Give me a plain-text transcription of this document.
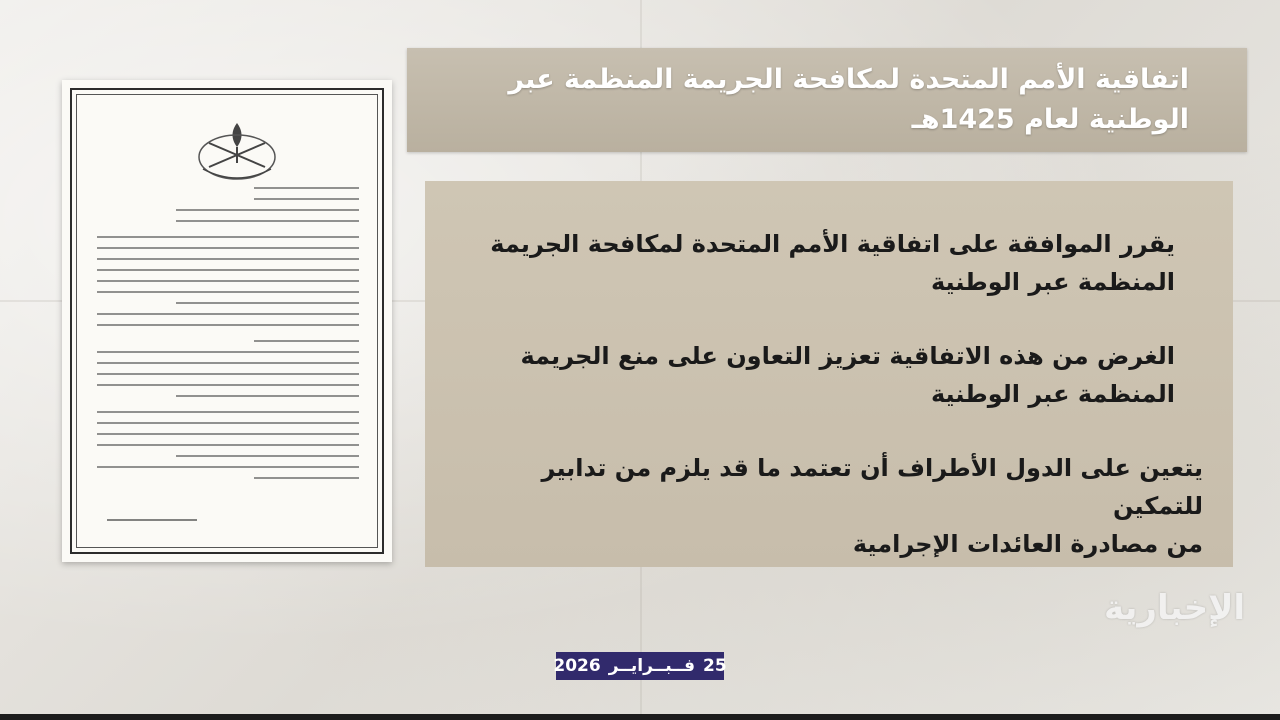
اتفاقية الأمم المتحدة لمكافحة الجريمة المنظمة عبر
الوطنية لعام 1425هـ
يقرر الموافقة على اتفاقية الأمم المتحدة لمكافحة الجريمة
المنظمة عبر الوطنية
الغرض من هذه الاتفاقية تعزيز التعاون على منع الجريمة
المنظمة عبر الوطنية
يتعين على الدول الأطراف أن تعتمد ما قد يلزم من تدابير للتمكين
من مصادرة العائدات الإجرامية
الإخبارية
2026 فــبــرايــر 25
